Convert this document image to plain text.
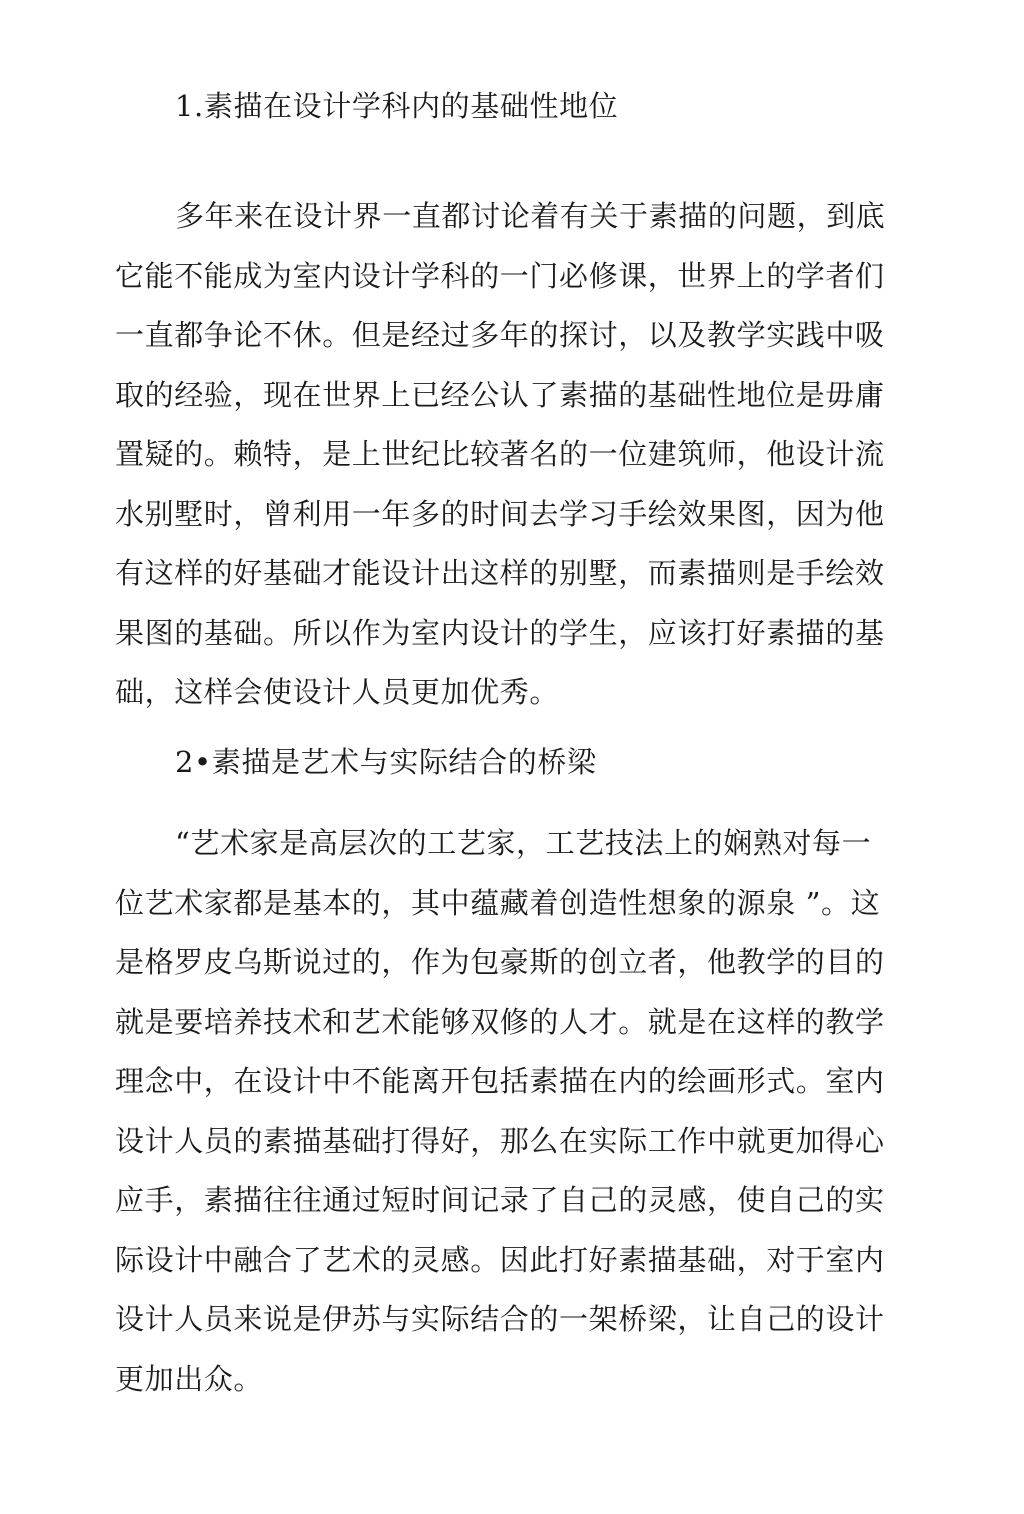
1.素描在设计学科内的基础性地位
多年来在设计界一直都讨论着有关于素描的问题，到底
它能不能成为室内设计学科的一门必修课，世界上的学者们
一直都争论不休。但是经过多年的探讨，以及教学实践中吸
取的经验，现在世界上已经公认了素描的基础性地位是毋庸
置疑的。赖特，是上世纪比较著名的一位建筑师，他设计流
水别墅时，曾利用一年多的时间去学习手绘效果图，因为他
有这样的好基础才能设计出这样的别墅，而素描则是手绘效
果图的基础。所以作为室内设计的学生，应该打好素描的基
础，这样会使设计人员更加优秀。
2•素描是艺术与实际结合的桥梁
“艺术家是高层次的工艺家，工艺技法上的娴熟对每一
位艺术家都是基本的，其中蕴藏着创造性想象的源泉 ”。这
是格罗皮乌斯说过的，作为包豪斯的创立者，他教学的目的
就是要培养技术和艺术能够双修的人才。就是在这样的教学
理念中，在设计中不能离开包括素描在内的绘画形式。室内
设计人员的素描基础打得好，那么在实际工作中就更加得心
应手，素描往往通过短时间记录了自己的灵感，使自己的实
际设计中融合了艺术的灵感。因此打好素描基础，对于室内
设计人员来说是伊苏与实际结合的一架桥梁，让自己的设计
更加出众。
